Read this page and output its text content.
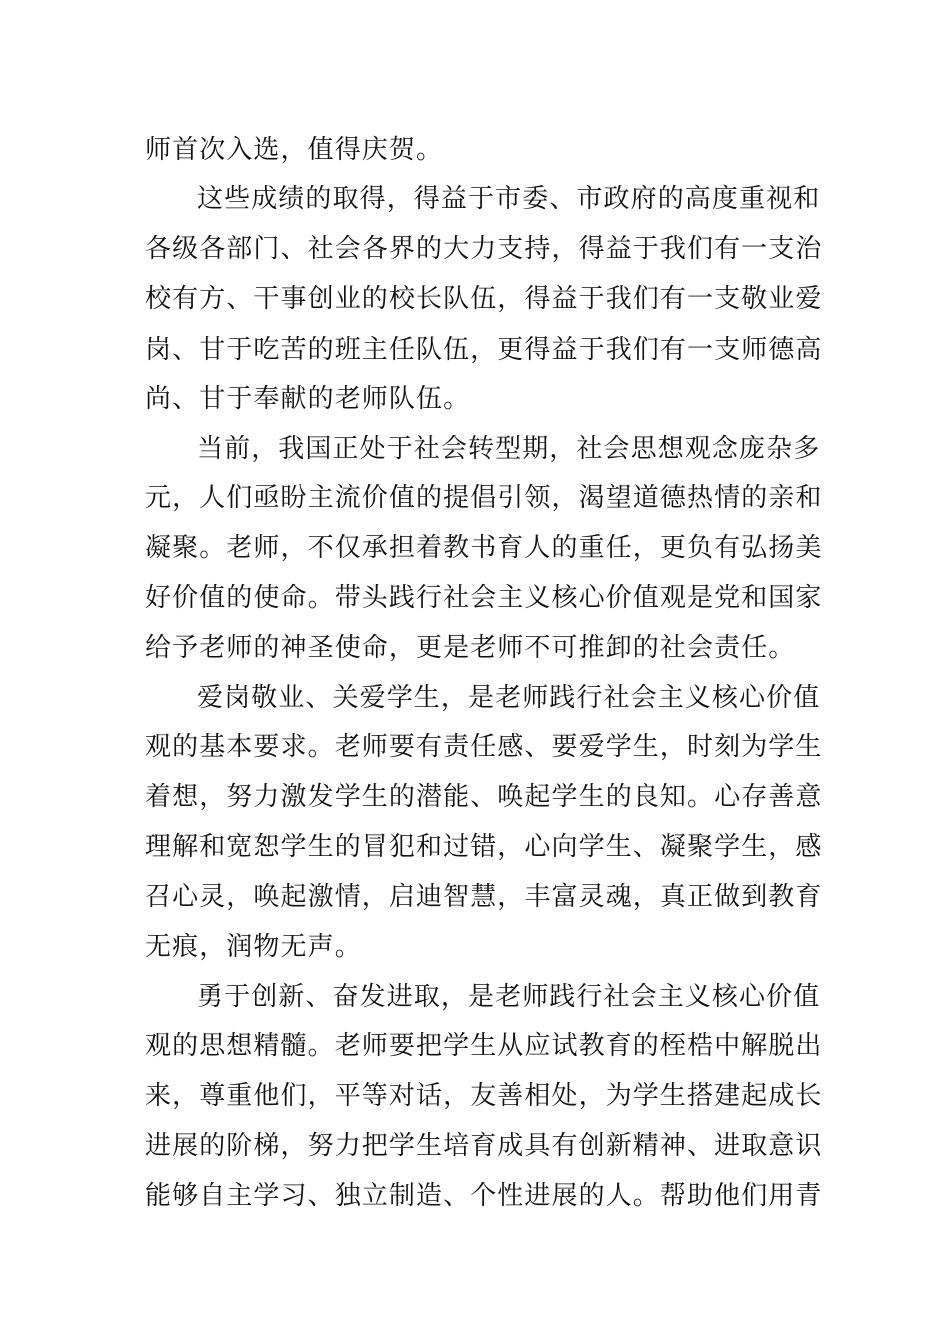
师首次入选，值得庆贺。
这些成绩的取得，得益于市委、市政府的高度重视和
各级各部门、社会各界的大力支持，得益于我们有一支治
校有方、干事创业的校长队伍，得益于我们有一支敬业爱
岗、甘于吃苦的班主任队伍，更得益于我们有一支师德高
尚、甘于奉献的老师队伍。
当前，我国正处于社会转型期，社会思想观念庞杂多
元，人们亟盼主流价值的提倡引领，渴望道德热情的亲和
凝聚。老师，不仅承担着教书育人的重任，更负有弘扬美
好价值的使命。带头践行社会主义核心价值观是党和国家
给予老师的神圣使命，更是老师不可推卸的社会责任。
爱岗敬业、关爱学生，是老师践行社会主义核心价值
观的基本要求。老师要有责任感、要爱学生，时刻为学生
着想，努力激发学生的潜能、唤起学生的良知。心存善意
理解和宽恕学生的冒犯和过错，心向学生、凝聚学生，感
召心灵，唤起激情，启迪智慧，丰富灵魂，真正做到教育
无痕，润物无声。
勇于创新、奋发进取，是老师践行社会主义核心价值
观的思想精髓。老师要把学生从应试教育的桎梏中解脱出
来，尊重他们，平等对话，友善相处，为学生搭建起成长
进展的阶梯，努力把学生培育成具有创新精神、进取意识
能够自主学习、独立制造、个性进展的人。帮助他们用青
